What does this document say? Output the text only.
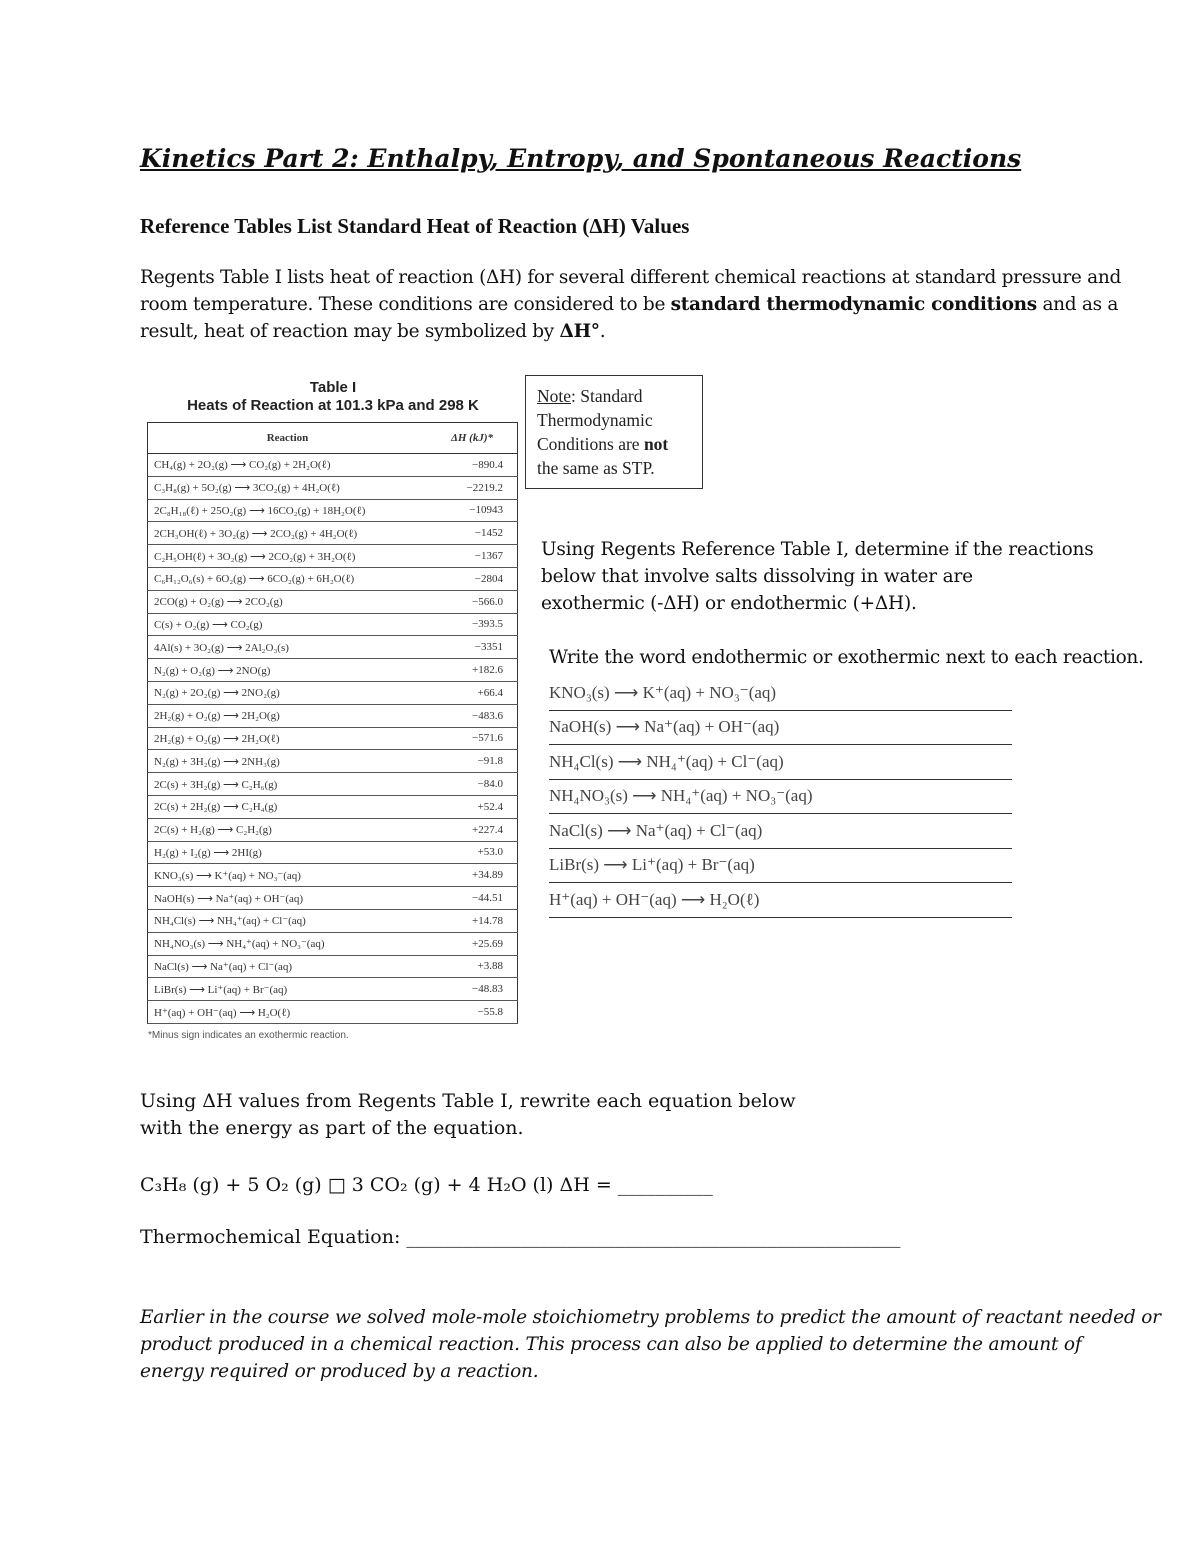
Kinetics Part 2: Enthalpy, Entropy, and Spontaneous Reactions
Reference Tables List Standard Heat of Reaction (ΔH) Values
Regents Table I lists heat of reaction (ΔH) for several different chemical reactions at standard pressure and
room temperature. These conditions are considered to be standard thermodynamic conditions and as a
result, heat of reaction may be symbolized by ΔH°.
Table I
Heats of Reaction at 101.3 kPa and 298 K
Reaction	ΔH (kJ)*
CH₄(g) + 2O₂(g) ⟶ CO₂(g) + 2H₂O(ℓ)	−890.4
C₃H₈(g) + 5O₂(g) ⟶ 3CO₂(g) + 4H₂O(ℓ)	−2219.2
2C₈H₁₈(ℓ) + 25O₂(g) ⟶ 16CO₂(g) + 18H₂O(ℓ)	−10943
2CH₃OH(ℓ) + 3O₂(g) ⟶ 2CO₂(g) + 4H₂O(ℓ)	−1452
C₂H₅OH(ℓ) + 3O₂(g) ⟶ 2CO₂(g) + 3H₂O(ℓ)	−1367
C₆H₁₂O₆(s) + 6O₂(g) ⟶ 6CO₂(g) + 6H₂O(ℓ)	−2804
2CO(g) + O₂(g) ⟶ 2CO₂(g)	−566.0
C(s) + O₂(g) ⟶ CO₂(g)	−393.5
4Al(s) + 3O₂(g) ⟶ 2Al₂O₃(s)	−3351
N₂(g) + O₂(g) ⟶ 2NO(g)	+182.6
N₂(g) + 2O₂(g) ⟶ 2NO₂(g)	+66.4
2H₂(g) + O₂(g) ⟶ 2H₂O(g)	−483.6
2H₂(g) + O₂(g) ⟶ 2H₂O(ℓ)	−571.6
N₂(g) + 3H₂(g) ⟶ 2NH₃(g)	−91.8
2C(s) + 3H₂(g) ⟶ C₂H₆(g)	−84.0
2C(s) + 2H₂(g) ⟶ C₂H₄(g)	+52.4
2C(s) + H₂(g) ⟶ C₂H₂(g)	+227.4
H₂(g) + I₂(g) ⟶ 2HI(g)	+53.0
KNO₃(s) ⟶ K⁺(aq) + NO₃⁻(aq)	+34.89
NaOH(s) ⟶ Na⁺(aq) + OH⁻(aq)	−44.51
NH₄Cl(s) ⟶ NH₄⁺(aq) + Cl⁻(aq)	+14.78
NH₄NO₃(s) ⟶ NH₄⁺(aq) + NO₃⁻(aq)	+25.69
NaCl(s) ⟶ Na⁺(aq) + Cl⁻(aq)	+3.88
LiBr(s) ⟶ Li⁺(aq) + Br⁻(aq)	−48.83
H⁺(aq) + OH⁻(aq) ⟶ H₂O(ℓ)	−55.8
*Minus sign indicates an exothermic reaction.
Note: Standard
Thermodynamic
Conditions are not
the same as STP.
Using Regents Reference Table I, determine if the reactions
below that involve salts dissolving in water are
exothermic (-ΔH) or endothermic (+ΔH).
Write the word endothermic or exothermic next to each reaction.
KNO₃(s) ⟶ K⁺(aq) + NO₃⁻(aq)
NaOH(s) ⟶ Na⁺(aq) + OH⁻(aq)
NH₄Cl(s) ⟶ NH₄⁺(aq) + Cl⁻(aq)
NH₄NO₃(s) ⟶ NH₄⁺(aq) + NO₃⁻(aq)
NaCl(s) ⟶ Na⁺(aq) + Cl⁻(aq)
LiBr(s) ⟶ Li⁺(aq) + Br⁻(aq)
H⁺(aq) + OH⁻(aq) ⟶ H₂O(ℓ)
Using ΔH values from Regents Table I, rewrite each equation below
with the energy as part of the equation.
C₃H₈ (g) + 5 O₂ (g) □ 3 CO₂ (g) + 4 H₂O (l) ΔH = __________
Thermochemical Equation: ____________________________________________________
Earlier in the course we solved mole-mole stoichiometry problems to predict the amount of reactant needed or
product produced in a chemical reaction. This process can also be applied to determine the amount of
energy required or produced by a reaction.
